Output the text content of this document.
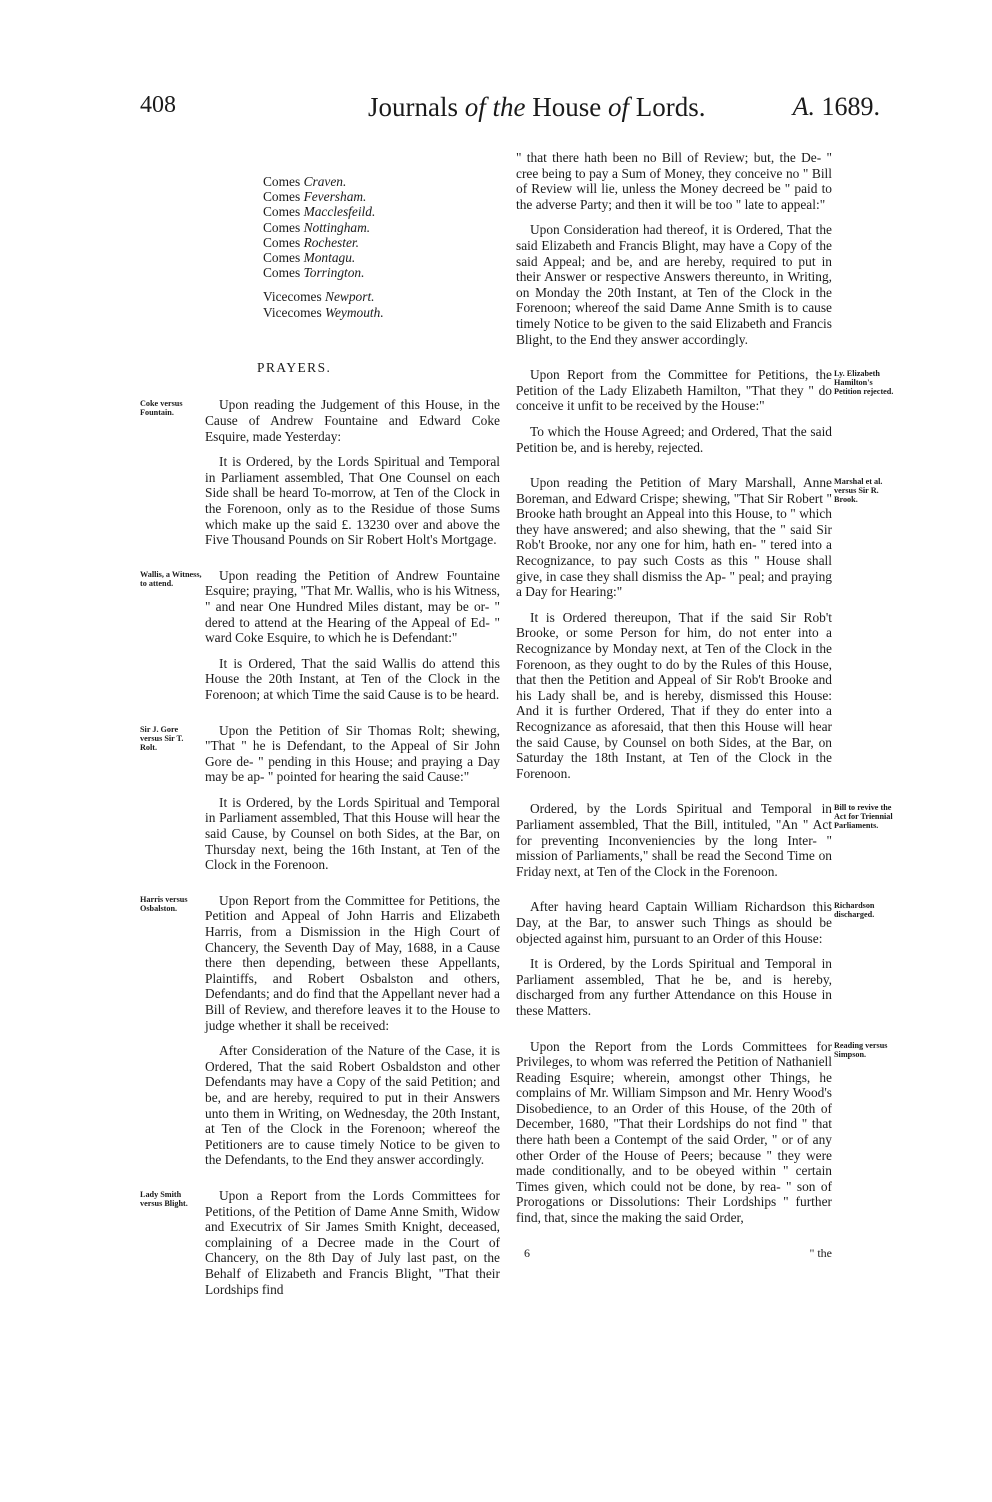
408	Journals of the House of Lords.	A. 1689.
Comes Craven.
Comes Feversham.
Comes Macclesfeild.
Comes Nottingham.
Comes Rochester.
Comes Montagu.
Comes Torrington.
Vicecomes Newport.
Vicecomes Weymouth.
PRAYERS.
Coke versus Fountain.

Upon reading the Judgement of this House, in the Cause of Andrew Fountaine and Edward Coke Esquire, made Yesterday:

It is Ordered, by the Lords Spiritual and Temporal in Parliament assembled, That One Counsel on each Side shall be heard To-morrow, at Ten of the Clock in the Forenoon, only as to the Residue of those Sums which make up the said £. 13230 over and above the Five Thousand Pounds on Sir Robert Holt's Mortgage.

Wallis, a Witness, to attend.

Upon reading the Petition of Andrew Fountaine Esquire; praying, "That Mr. Wallis, who is his Witness, " and near One Hundred Miles distant, may be or- " dered to attend at the Hearing of the Appeal of Ed- " ward Coke Esquire, to which he is Defendant:"

It is Ordered, That the said Wallis do attend this House the 20th Instant, at Ten of the Clock in the Forenoon; at which Time the said Cause is to be heard.

Sir J. Gore versus Sir T. Rolt.

Upon the Petition of Sir Thomas Rolt; shewing, "That " he is Defendant, to the Appeal of Sir John Gore de- " pending in this House; and praying a Day may be ap- " pointed for hearing the said Cause:"

It is Ordered, by the Lords Spiritual and Temporal in Parliament assembled, That this House will hear the said Cause, by Counsel on both Sides, at the Bar, on Thursday next, being the 16th Instant, at Ten of the Clock in the Forenoon.

Harris versus Osbalston.

Upon Report from the Committee for Petitions, the Petition and Appeal of John Harris and Elizabeth Harris, from a Dismission in the High Court of Chancery, the Seventh Day of May, 1688, in a Cause there then depending, between these Appellants, Plaintiffs, and Robert Osbalston and others, Defendants; and do find that the Appellant never had a Bill of Review, and therefore leaves it to the House to judge whether it shall be received:

After Consideration of the Nature of the Case, it is Ordered, That the said Robert Osbaldston and other Defendants may have a Copy of the said Petition; and be, and are hereby, required to put in their Answers unto them in Writing, on Wednesday, the 20th Instant, at Ten of the Clock in the Forenoon; whereof the Petitioners are to cause timely Notice to be given to the Defendants, to the End they answer accordingly.

Lady Smith versus Blight.

Upon a Report from the Lords Committees for Petitions, of the Petition of Dame Anne Smith, Widow and Executrix of Sir James Smith Knight, deceased, complaining of a Decree made in the Court of Chancery, on the 8th Day of July last past, on the Behalf of Elizabeth and Francis Blight, "That their Lordships find

" that there hath been no Bill of Review; but, the De- " cree being to pay a Sum of Money, they conceive no " Bill of Review will lie, unless the Money decreed be " paid to the adverse Party; and then it will be too " late to appeal:"

Upon Consideration had thereof, it is Ordered, That the said Elizabeth and Francis Blight, may have a Copy of the said Appeal; and be, and are hereby, required to put in their Answer or respective Answers thereunto, in Writing, on Monday the 20th Instant, at Ten of the Clock in the Forenoon; whereof the said Dame Anne Smith is to cause timely Notice to be given to the said Elizabeth and Francis Blight, to the End they answer accordingly.

Ly. Elizabeth Hamilton's Petition rejected.

Upon Report from the Committee for Petitions, the Petition of the Lady Elizabeth Hamilton, "That they " do conceive it unfit to be received by the House:"

To which the House Agreed; and Ordered, That the said Petition be, and is hereby, rejected.

Marshal et al. versus Sir R. Brook.

Upon reading the Petition of Mary Marshall, Anne Boreman, and Edward Crispe; shewing, "That Sir Robert " Brooke hath brought an Appeal into this House, to " which they have answered; and also shewing, that the " said Sir Rob't Brooke, nor any one for him, hath en- " tered into a Recognizance, to pay such Costs as this " House shall give, in case they shall dismiss the Ap- " peal; and praying a Day for Hearing:"

It is Ordered thereupon, That if the said Sir Rob't Brooke, or some Person for him, do not enter into a Recognizance by Monday next, at Ten of the Clock in the Forenoon, as they ought to do by the Rules of this House, that then the Petition and Appeal of Sir Rob't Brooke and his Lady shall be, and is hereby, dismissed this House: And it is further Ordered, That if they do enter into a Recognizance as aforesaid, that then this House will hear the said Cause, by Counsel on both Sides, at the Bar, on Saturday the 18th Instant, at Ten of the Clock in the Forenoon.

Bill to revive the Act for Triennial Parliaments.

Ordered, by the Lords Spiritual and Temporal in Parliament assembled, That the Bill, intituled, "An " Act for preventing Inconveniencies by the long Inter- " mission of Parliaments," shall be read the Second Time on Friday next, at Ten of the Clock in the Forenoon.

Richardson discharged.

After having heard Captain William Richardson this Day, at the Bar, to answer such Things as should be objected against him, pursuant to an Order of this House:

It is Ordered, by the Lords Spiritual and Temporal in Parliament assembled, That he be, and is hereby, discharged from any further Attendance on this House in these Matters.

Reading versus Simpson.

Upon the Report from the Lords Committees for Privileges, to whom was referred the Petition of Nathaniell Reading Esquire; wherein, amongst other Things, he complains of Mr. William Simpson and Mr. Henry Wood's Disobedience, to an Order of this House, of the 20th of December, 1680, "That their Lordships do not find " that there hath been a Contempt of the said Order, " or of any other Order of the House of Peers; because " they were made conditionally, and to be obeyed within " certain Times given, which could not be done, by rea- " son of Prorogations or Dissolutions: Their Lordships " further find, that, since the making the said Order,

6	" the
